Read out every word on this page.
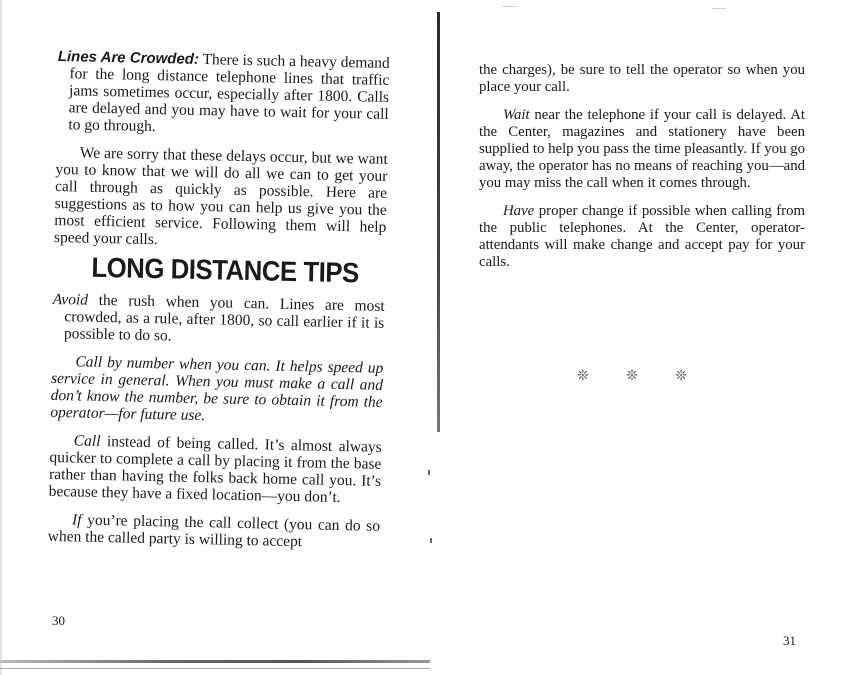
Lines Are Crowded: There is such a heavy demand for the long distance telephone lines that traffic jams sometimes occur, especially after 1800. Calls are delayed and you may have to wait for your call to go through.

We are sorry that these delays occur, but we want you to know that we will do all we can to get your call through as quickly as possible. Here are suggestions as to how you can help us give you the most efficient service. Following them will help speed your calls.

LONG DISTANCE TIPS

Avoid the rush when you can. Lines are most crowded, as a rule, after 1800, so call earlier if it is possible to do so.

Call by number when you can. It helps speed up service in general. When you must make a call and don’t know the number, be sure to obtain it from the operator—for future use.

Call instead of being called. It’s almost always quicker to complete a call by placing it from the base rather than having the folks back home call you. It’s because they have a fixed location—you don’t.

If you’re placing the call collect (you can do so when the called party is willing to accept

30

the charges), be sure to tell the operator so when you place your call.

Wait near the telephone if your call is delayed. At the Center, magazines and stationery have been supplied to help you pass the time pleasantly. If you go away, the operator has no means of reaching you—and you may miss the call when it comes through.

Have proper change if possible when calling from the public telephones. At the Center, operator-attendants will make change and accept pay for your calls.

❊	❊	❊
31
